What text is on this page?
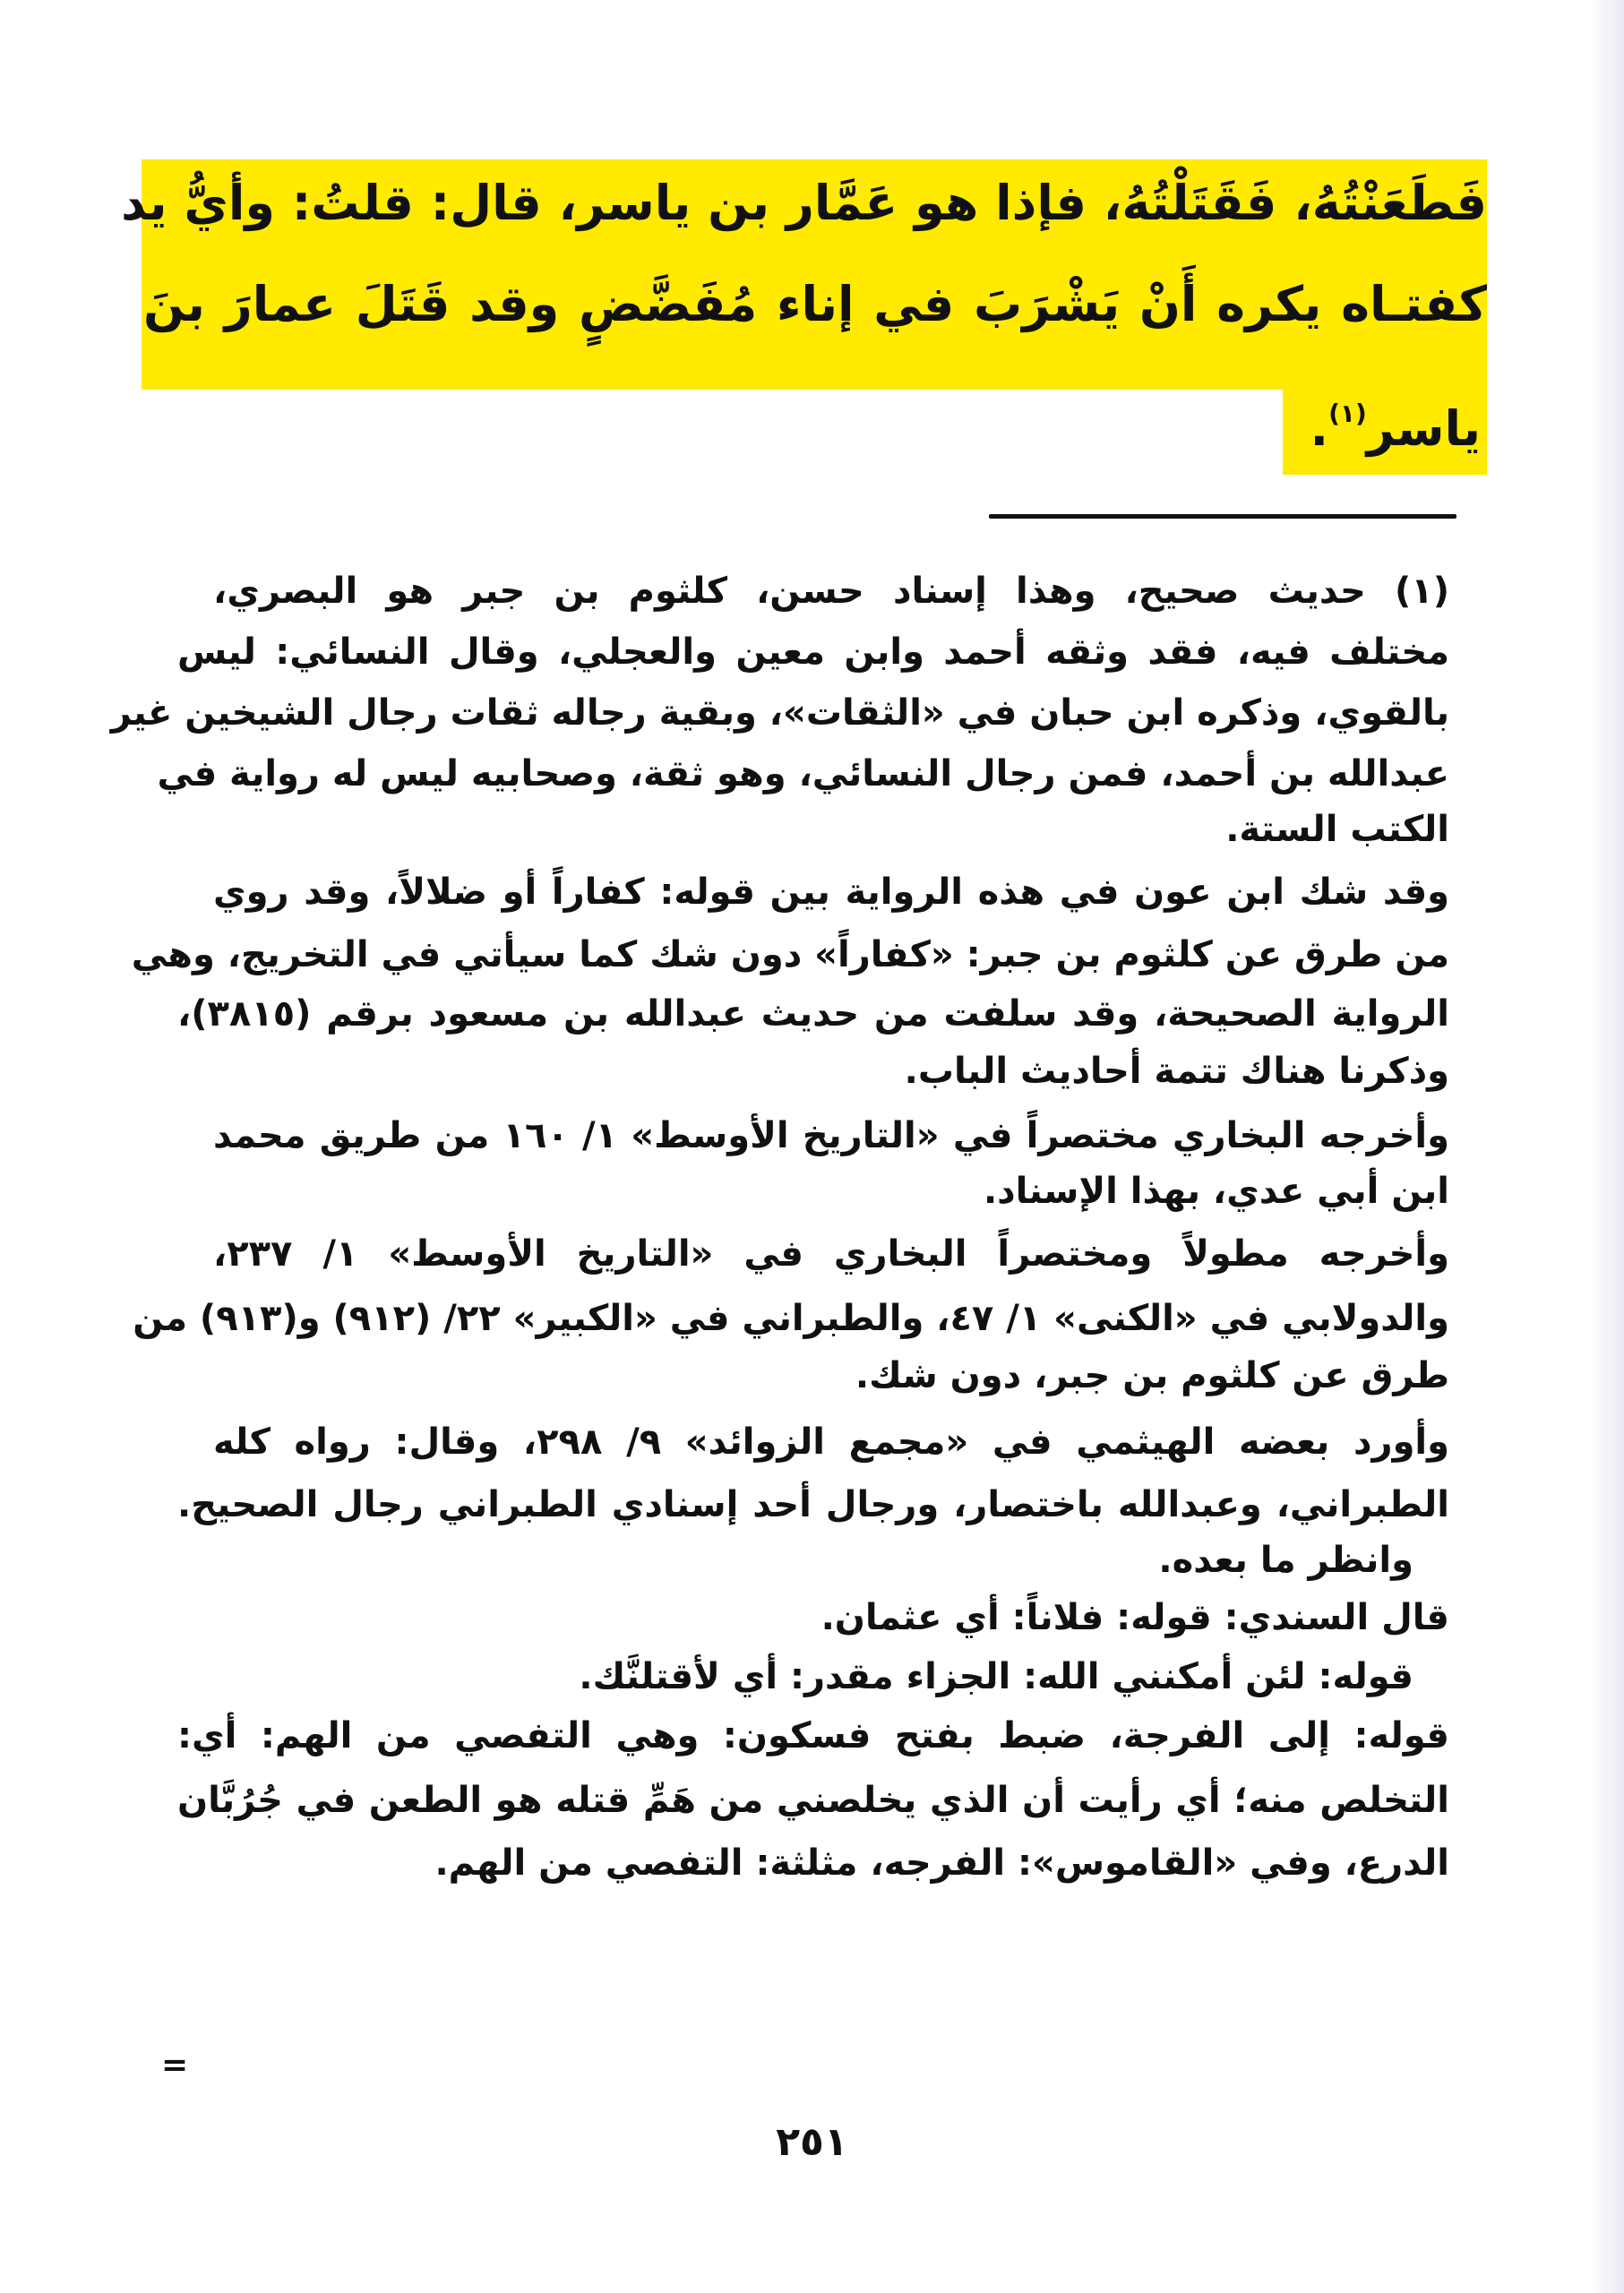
فَطَعَنْتُهُ، فَقَتَلْتُهُ، فإذا هو عَمَّار بن ياسر، قال: قلتُ: وأيُّ يد
كفتـاه يكره أَنْ يَشْرَبَ في إناء مُفَضَّضٍ وقد قَتَلَ عمارَ بنَ
ياسر$^{(١)}$.
(١) حديث صحيح، وهذا إسناد حسن، كلثوم بن جبر هو البصري،
مختلف فيه، فقد وثقه أحمد وابن معين والعجلي، وقال النسائي: ليس
بالقوي، وذكره ابن حبان في «الثقات»، وبقية رجاله ثقات رجال الشيخين غير
عبدالله بن أحمد، فمن رجال النسائي، وهو ثقة، وصحابيه ليس له رواية في
الكتب الستة.
وقد شك ابن عون في هذه الرواية بين قوله: كفاراً أو ضلالاً، وقد روي
من طرق عن كلثوم بن جبر: «كفاراً» دون شك كما سيأتي في التخريج، وهي
الرواية الصحيحة، وقد سلفت من حديث عبدالله بن مسعود برقم (٣٨١٥)،
وذكرنا هناك تتمة أحاديث الباب.
وأخرجه البخاري مختصراً في «التاريخ الأوسط» ١/ ١٦٠ من طريق محمد
ابن أبي عدي، بهذا الإسناد.
وأخرجه مطولاً ومختصراً البخاري في «التاريخ الأوسط» ١/ ٢٣٧،
والدولابي في «الكنى» ١/ ٤٧، والطبراني في «الكبير» ٢٢/ (٩١٢) و(٩١٣) من
طرق عن كلثوم بن جبر، دون شك.
وأورد بعضه الهيثمي في «مجمع الزوائد» ٩/ ٢٩٨، وقال: رواه كله
الطبراني، وعبدالله باختصار، ورجال أحد إسنادي الطبراني رجال الصحيح.
وانظر ما بعده.
قال السندي: قوله: فلاناً: أي عثمان.
قوله: لئن أمكنني الله: الجزاء مقدر: أي لأقتلنَّك.
قوله: إلى الفرجة، ضبط بفتح فسكون: وهي التفصي من الهم: أي:
التخلص منه؛ أي رأيت أن الذي يخلصني من هَمِّ قتله هو الطعن في جُرُبَّان
الدرع، وفي «القاموس»: الفرجه، مثلثة: التفصي من الهم.
=
٢٥١
